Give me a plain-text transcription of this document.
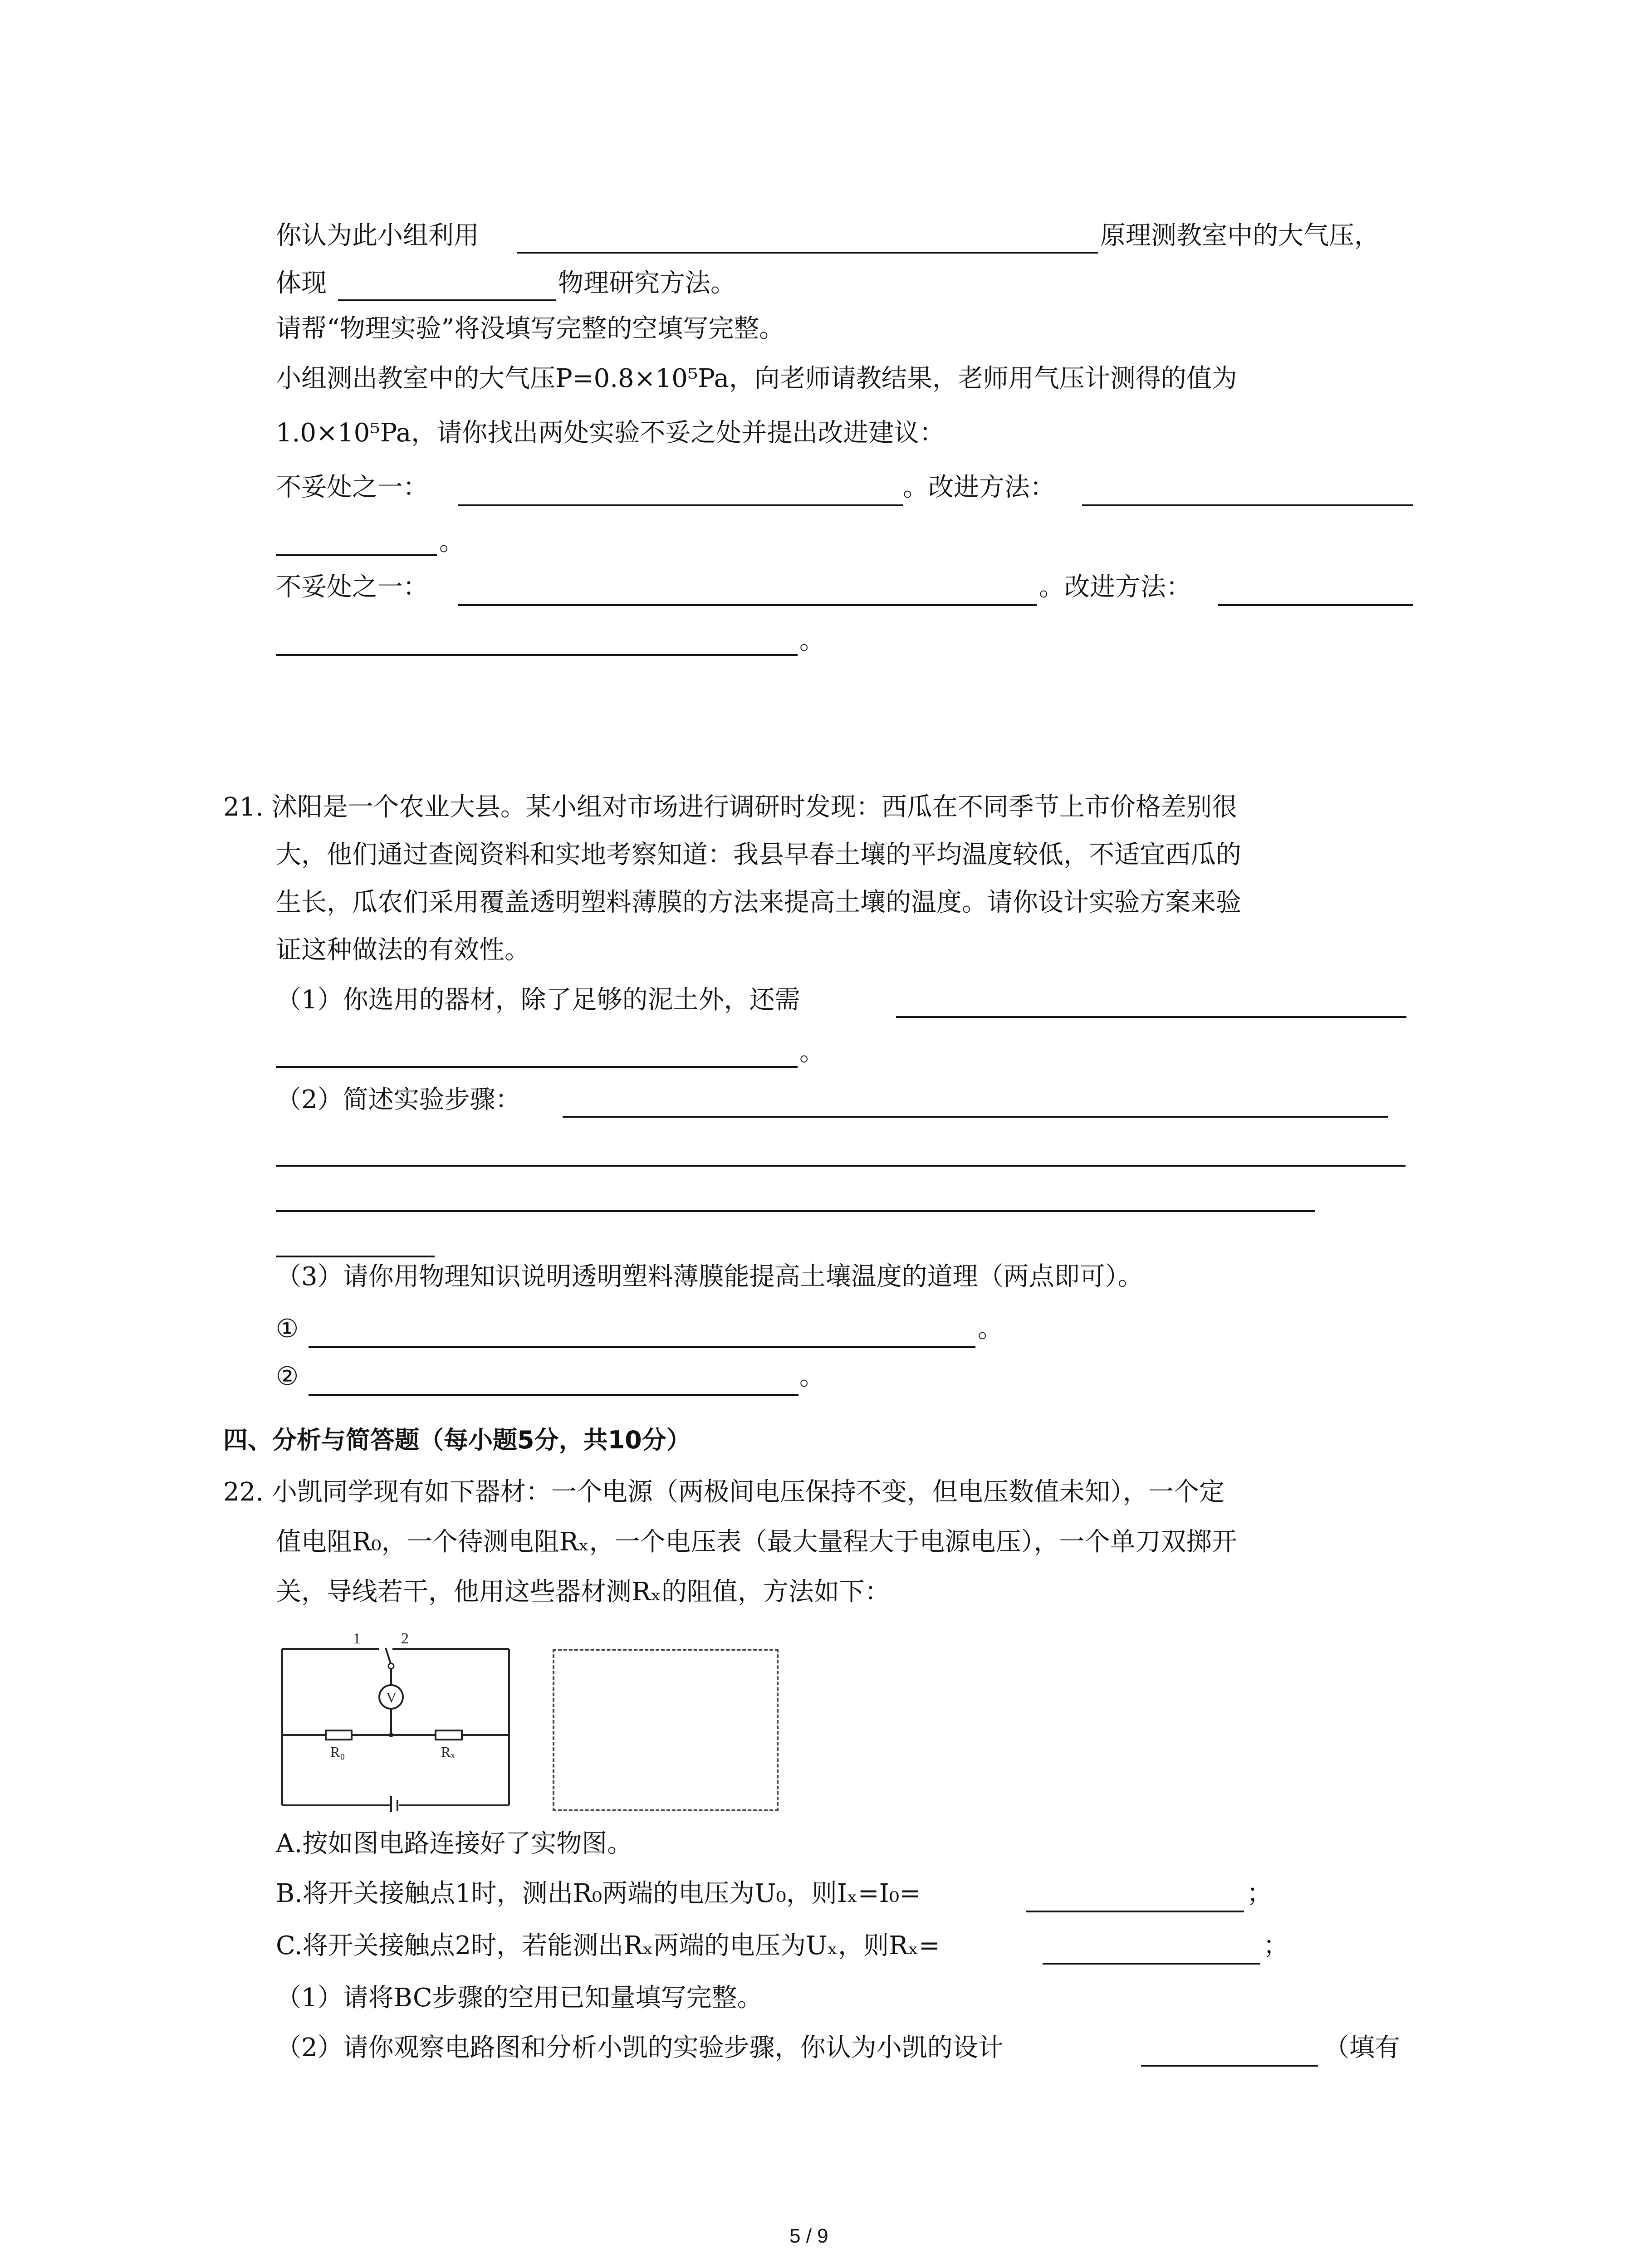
你认为此小组利用	原理测教室中的大气压，
体现	物理研究方法。
请帮“物理实验”将没填写完整的空填写完整。
小组测出教室中的大气压P=0.8×10⁵Pa，向老师请教结果，老师用气压计测得的值为
1.0×10⁵Pa，请你找出两处实验不妥之处并提出改进建议：
不妥处之一：	。改进方法：
。
不妥处之一：	。改进方法：
。
21. 沭阳是一个农业大县。某小组对市场进行调研时发现：西瓜在不同季节上市价格差别很
大，他们通过查阅资料和实地考察知道：我县早春土壤的平均温度较低，不适宜西瓜的
生长，瓜农们采用覆盖透明塑料薄膜的方法来提高土壤的温度。请你设计实验方案来验
证这种做法的有效性。
（1）你选用的器材，除了足够的泥土外，还需
。
（2）简述实验步骤：
（3）请你用物理知识说明透明塑料薄膜能提高土壤温度的道理（两点即可）。
①	。
②	。
四、分析与简答题（每小题5分，共10分）
22. 小凯同学现有如下器材：一个电源（两极间电压保持不变，但电压数值未知），一个定
值电阻R₀，一个待测电阻Rₓ，一个电压表（最大量程大于电源电压），一个单刀双掷开
关，导线若干，他用这些器材测Rₓ的阻值，方法如下：
1	2
V
R₀	Rₓ
A.按如图电路连接好了实物图。
B.将开关接触点1时，测出R₀两端的电压为U₀，则Iₓ=I₀=	；
C.将开关接触点2时，若能测出Rₓ两端的电压为Uₓ，则Rₓ=	；
（1）请将BC步骤的空用已知量填写完整。
（2）请你观察电路图和分析小凯的实验步骤，你认为小凯的设计	（填有
5 / 9
